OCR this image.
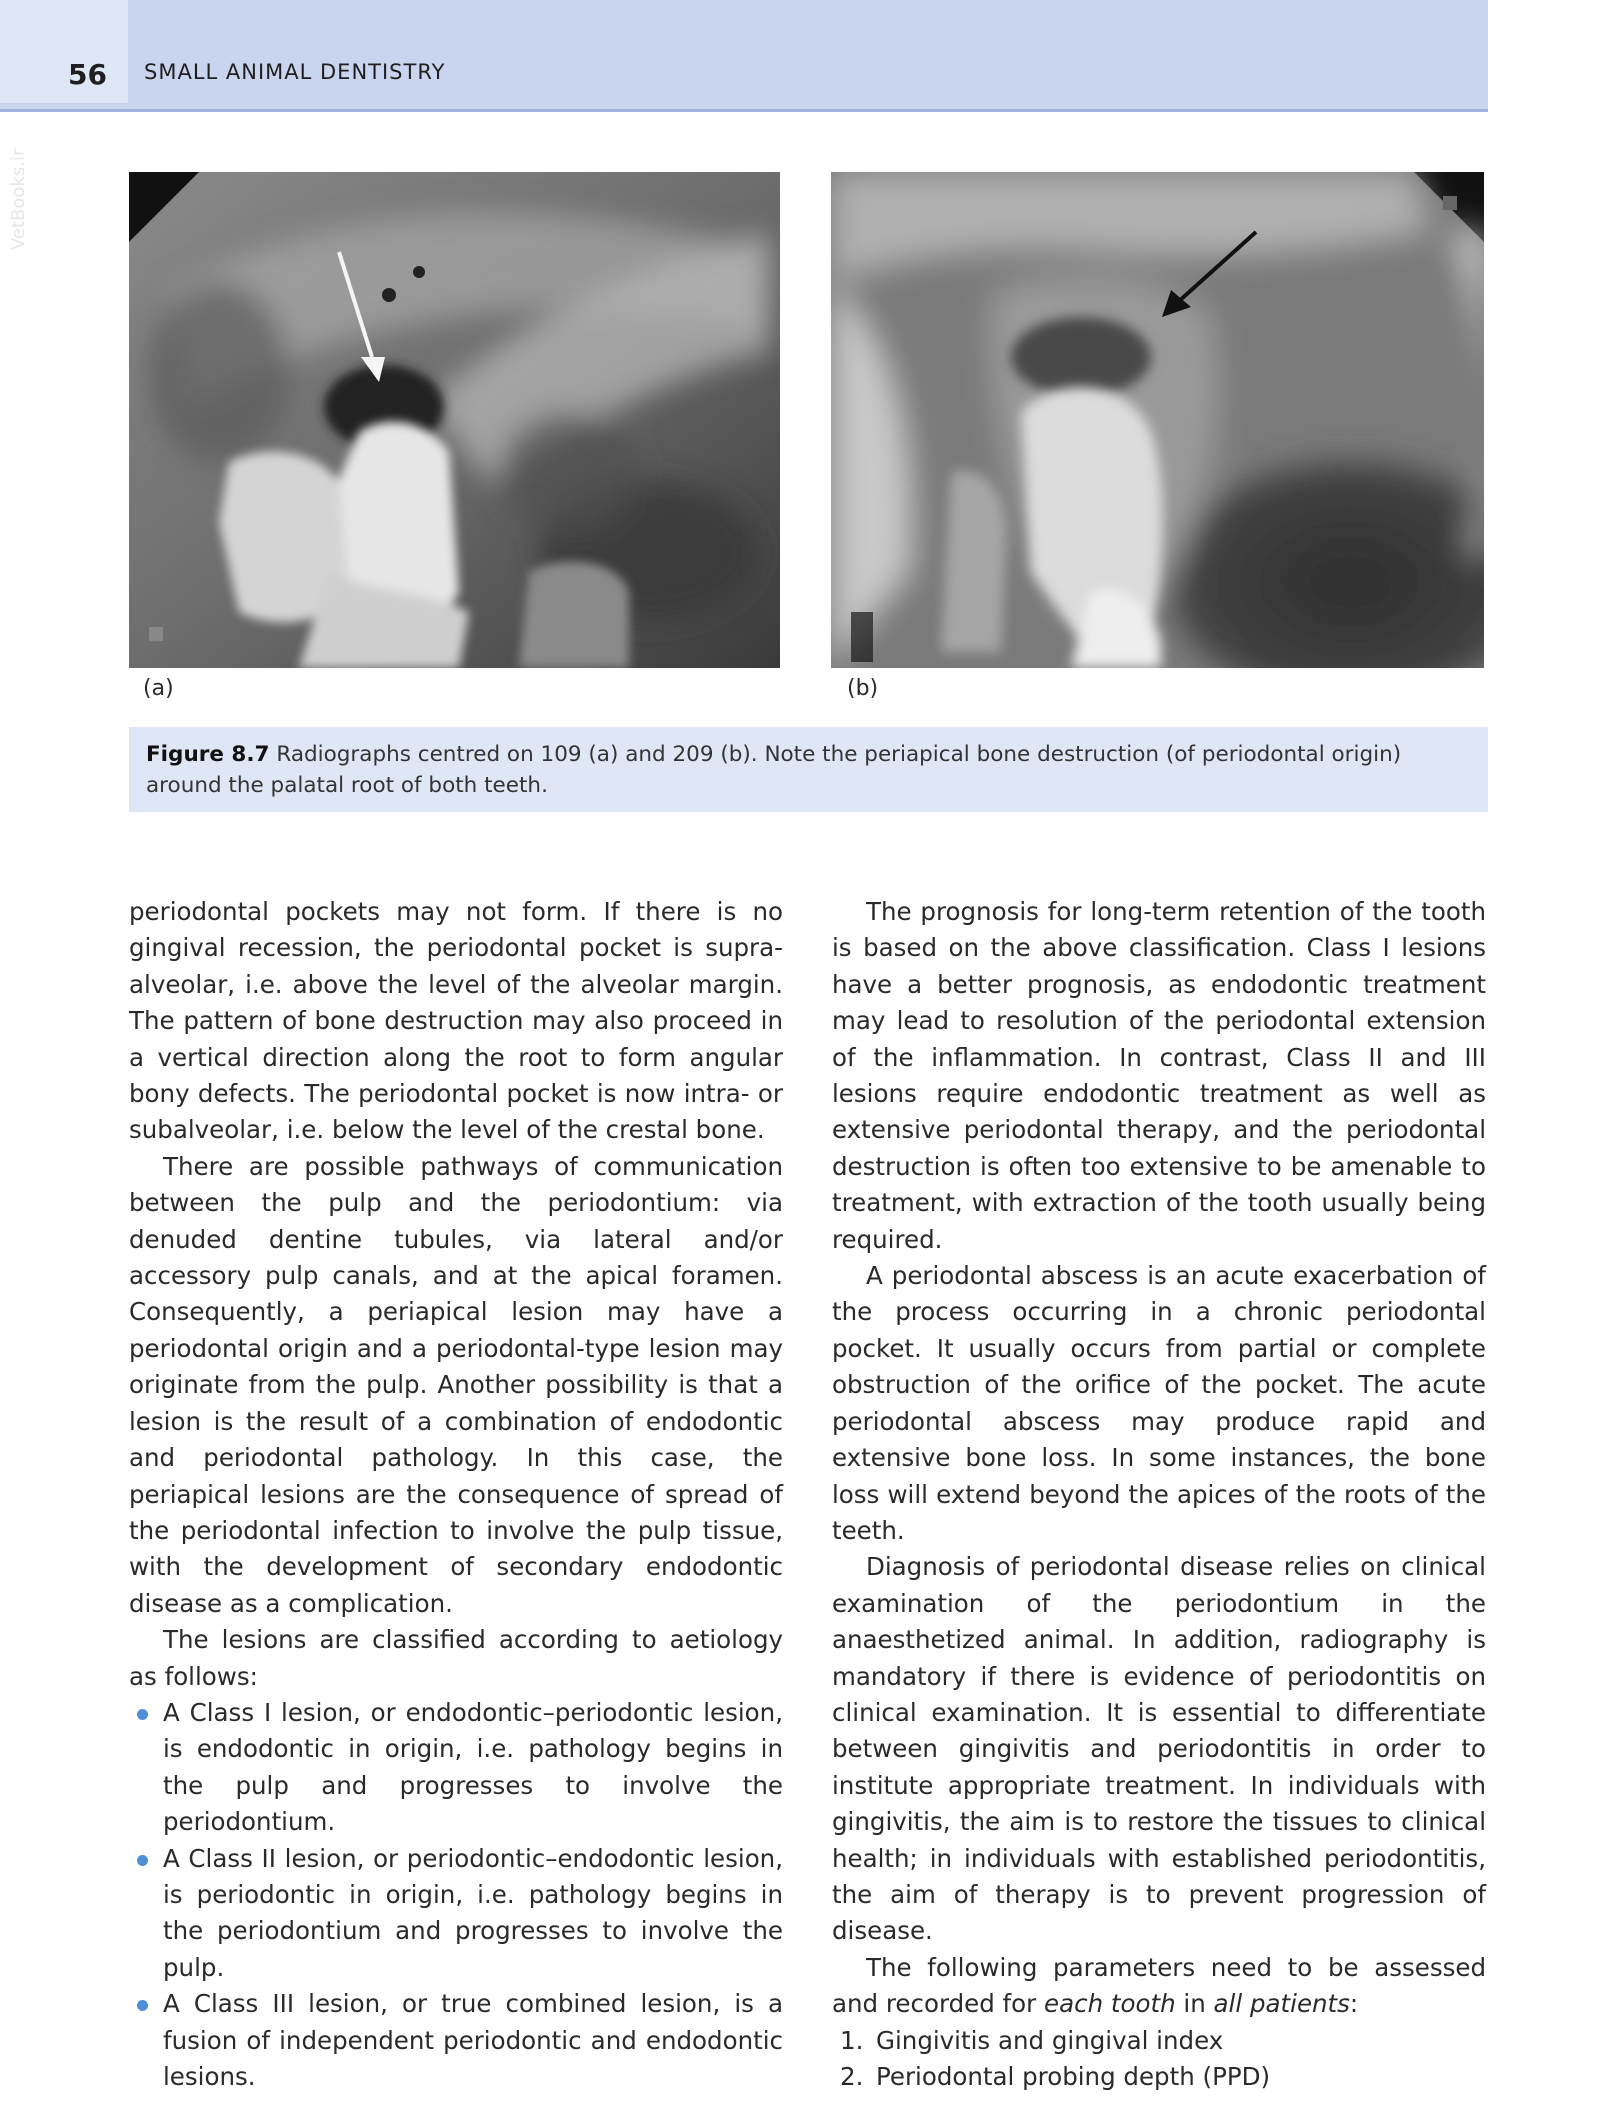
56 SMALL ANIMAL DENTISTRY
VetBooks.ir
(a)	(b)
Figure 8.7 Radiographs centred on 109 (a) and 209 (b). Note the periapical bone destruction (of periodontal origin) around the palatal root of both teeth.

periodontal pockets may not form. If there is no gingival recession, the periodontal pocket is supra-alveolar, i.e. above the level of the alveolar margin. The pattern of bone destruction may also proceed in a vertical direction along the root to form angular bony defects. The periodontal pocket is now intra- or subalveolar, i.e. below the level of the crestal bone.

There are possible pathways of communication between the pulp and the periodontium: via denuded dentine tubules, via lateral and/or accessory pulp canals, and at the apical foramen. Consequently, a periapical lesion may have a periodontal origin and a periodontal-type lesion may originate from the pulp. Another possibility is that a lesion is the result of a combination of endodontic and periodontal pathology. In this case, the periapical lesions are the consequence of spread of the periodontal infection to involve the pulp tissue, with the development of secondary endodontic disease as a complication.

The lesions are classified according to aetiology as follows:

A Class I lesion, or endodontic–periodontic lesion, is endodontic in origin, i.e. pathology begins in the pulp and progresses to involve the periodontium.
A Class II lesion, or periodontic–endodontic lesion, is periodontic in origin, i.e. pathology begins in the periodontium and progresses to involve the pulp.
A Class III lesion, or true combined lesion, is a fusion of independent periodontic and endodontic lesions.

The prognosis for long-term retention of the tooth is based on the above classification. Class I lesions have a better prognosis, as endodontic treatment may lead to resolution of the periodontal extension of the inflammation. In contrast, Class II and III lesions require endodontic treatment as well as extensive periodontal therapy, and the periodontal destruction is often too extensive to be amenable to treatment, with extraction of the tooth usually being required.

A periodontal abscess is an acute exacerbation of the process occurring in a chronic periodontal pocket. It usually occurs from partial or complete obstruction of the orifice of the pocket. The acute periodontal abscess may produce rapid and extensive bone loss. In some instances, the bone loss will extend beyond the apices of the roots of the teeth.

Diagnosis of periodontal disease relies on clinical examination of the periodontium in the anaesthetized animal. In addition, radiography is mandatory if there is evidence of periodontitis on clinical examination. It is essential to differentiate between gingivitis and periodontitis in order to institute appropriate treatment. In individuals with gingivitis, the aim is to restore the tissues to clinical health; in individuals with established periodontitis, the aim of therapy is to prevent progression of disease.

The following parameters need to be assessed and recorded for each tooth in all patients:

1. Gingivitis and gingival index
2. Periodontal probing depth (PPD)
